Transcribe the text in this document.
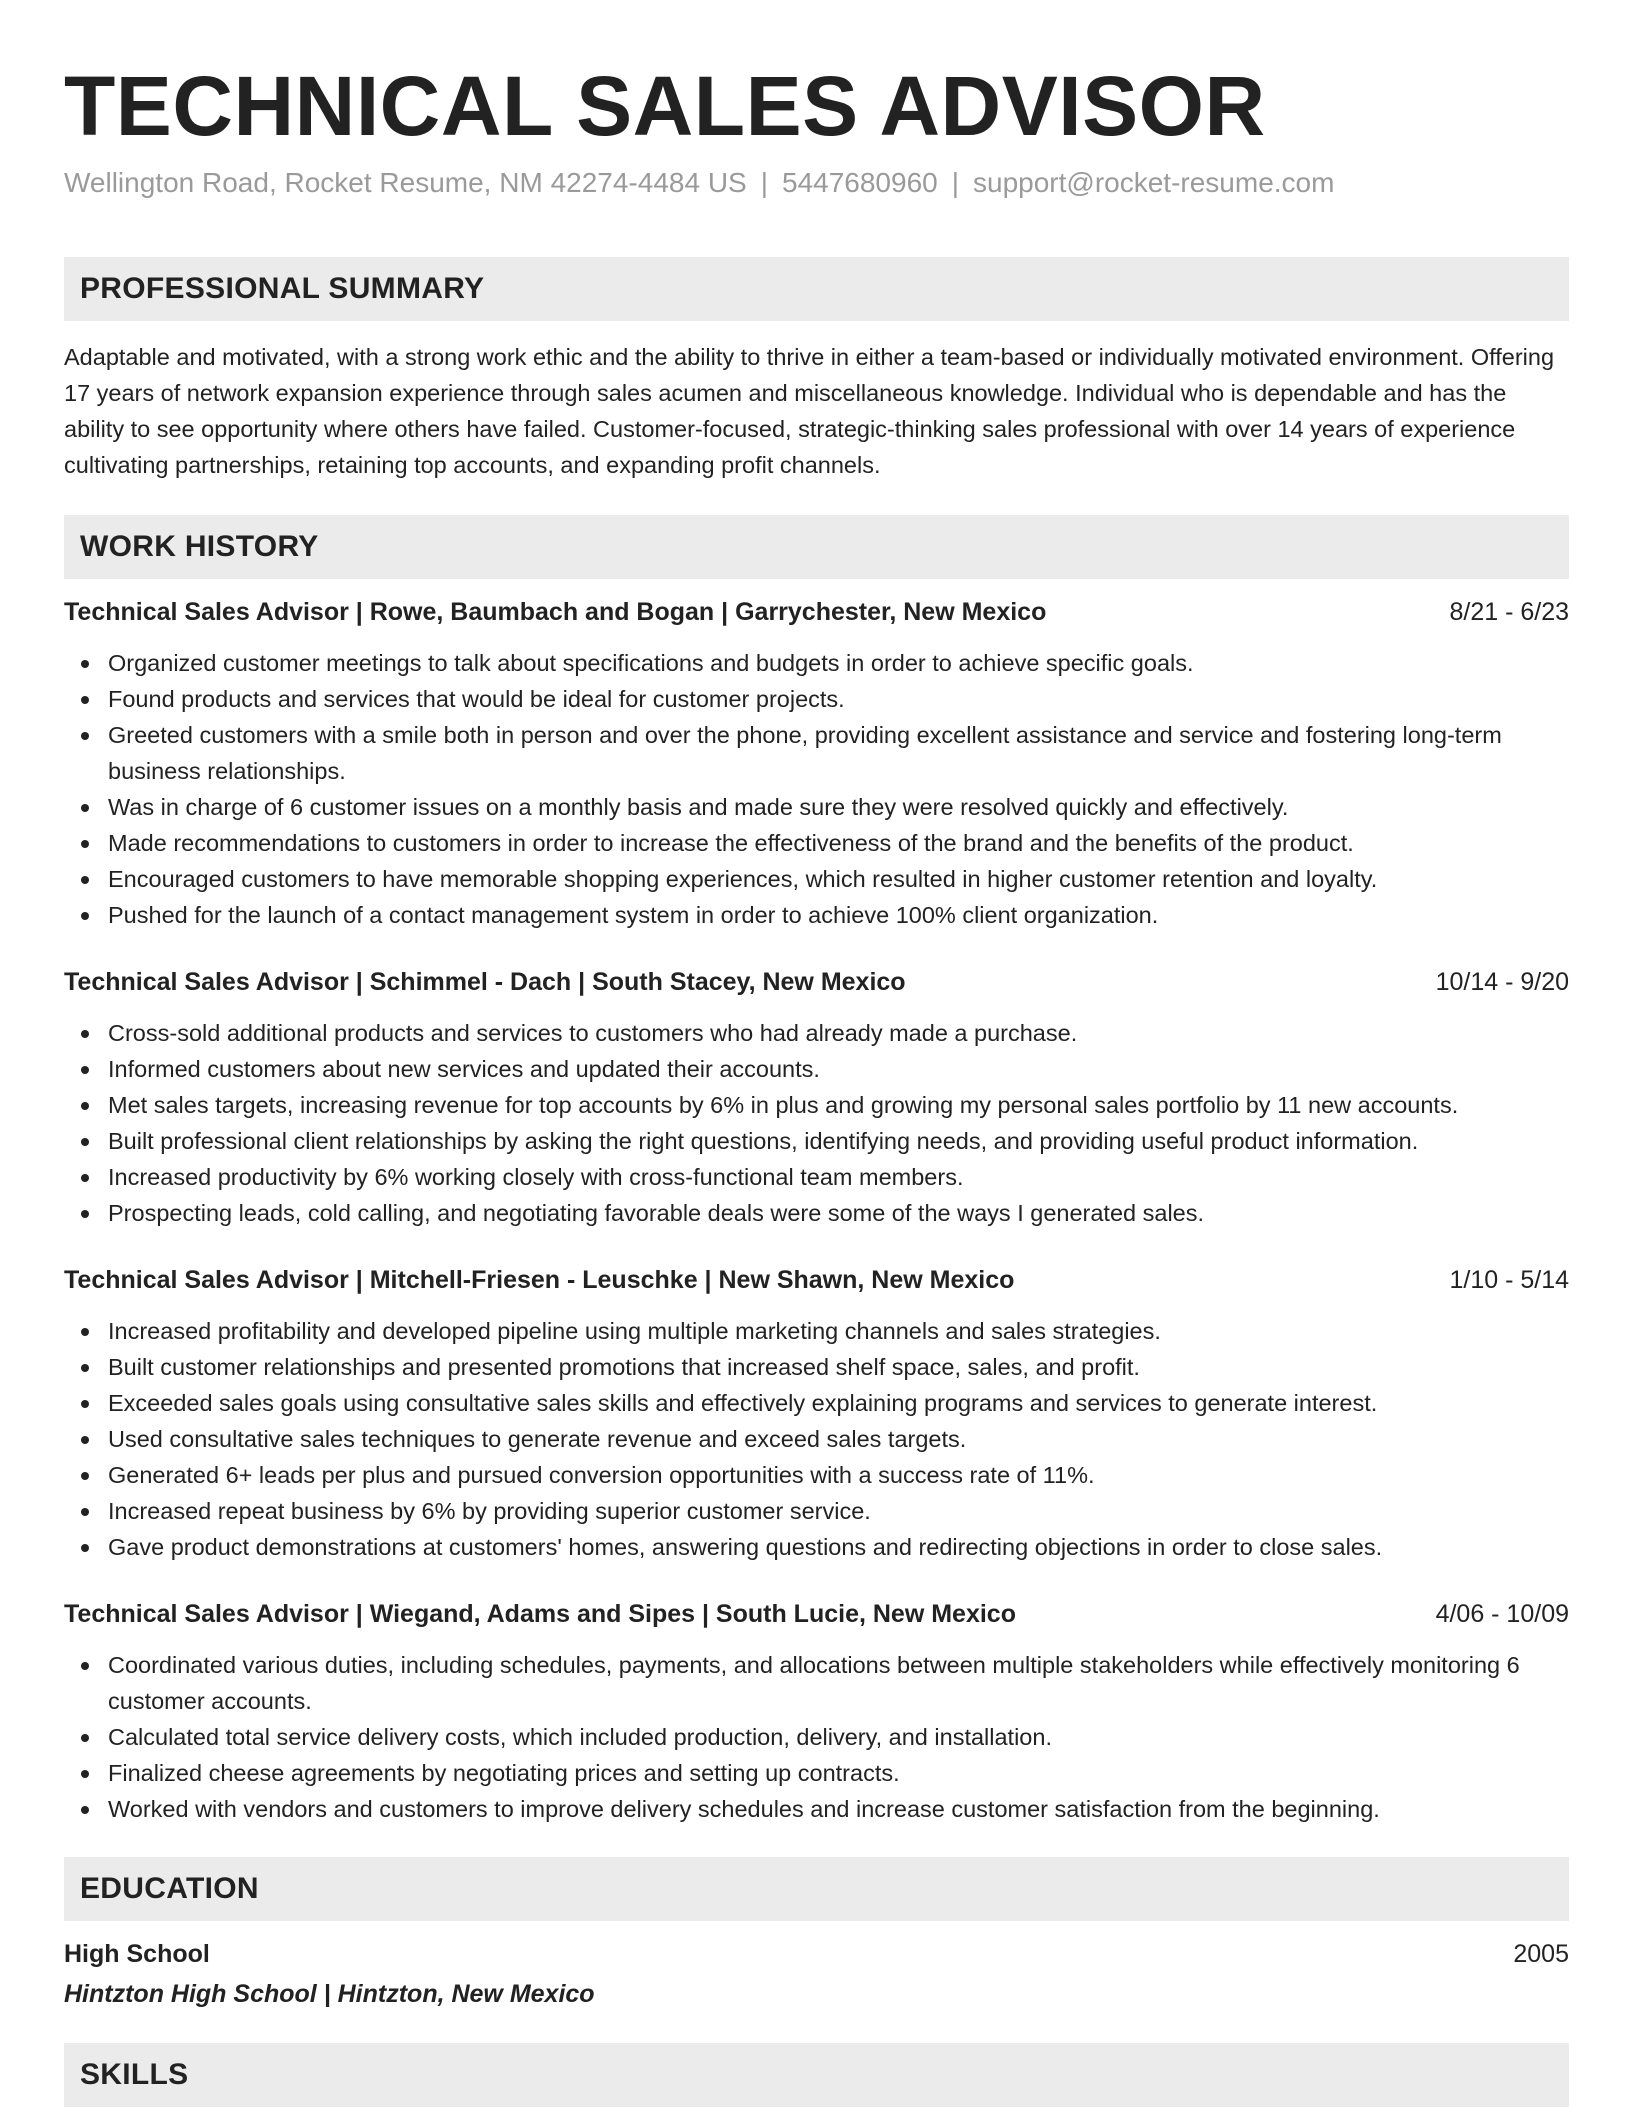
TECHNICAL SALES ADVISOR
Wellington Road, Rocket Resume, NM 42274-4484 US | 5447680960 | support@rocket-resume.com
PROFESSIONAL SUMMARY

Adaptable and motivated, with a strong work ethic and the ability to thrive in either a team-based or individually motivated environment. Offering 17 years of network expansion experience through sales acumen and miscellaneous knowledge. Individual who is dependable and has the ability to see opportunity where others have failed. Customer-focused, strategic-thinking sales professional with over 14 years of experience cultivating partnerships, retaining top accounts, and expanding profit channels.

WORK HISTORY
Technical Sales Advisor | Rowe, Baumbach and Bogan | Garrychester, New Mexico	8/21 - 6/23
Organized customer meetings to talk about specifications and budgets in order to achieve specific goals.
Found products and services that would be ideal for customer projects.
Greeted customers with a smile both in person and over the phone, providing excellent assistance and service and fostering long-term business relationships.
Was in charge of 6 customer issues on a monthly basis and made sure they were resolved quickly and effectively.
Made recommendations to customers in order to increase the effectiveness of the brand and the benefits of the product.
Encouraged customers to have memorable shopping experiences, which resulted in higher customer retention and loyalty.
Pushed for the launch of a contact management system in order to achieve 100% client organization.
Technical Sales Advisor | Schimmel - Dach | South Stacey, New Mexico	10/14 - 9/20
Cross-sold additional products and services to customers who had already made a purchase.
Informed customers about new services and updated their accounts.
Met sales targets, increasing revenue for top accounts by 6% in plus and growing my personal sales portfolio by 11 new accounts.
Built professional client relationships by asking the right questions, identifying needs, and providing useful product information.
Increased productivity by 6% working closely with cross-functional team members.
Prospecting leads, cold calling, and negotiating favorable deals were some of the ways I generated sales.
Technical Sales Advisor | Mitchell-Friesen - Leuschke | New Shawn, New Mexico	1/10 - 5/14
Increased profitability and developed pipeline using multiple marketing channels and sales strategies.
Built customer relationships and presented promotions that increased shelf space, sales, and profit.
Exceeded sales goals using consultative sales skills and effectively explaining programs and services to generate interest.
Used consultative sales techniques to generate revenue and exceed sales targets.
Generated 6+ leads per plus and pursued conversion opportunities with a success rate of 11%.
Increased repeat business by 6% by providing superior customer service.
Gave product demonstrations at customers' homes, answering questions and redirecting objections in order to close sales.
Technical Sales Advisor | Wiegand, Adams and Sipes | South Lucie, New Mexico	4/06 - 10/09
Coordinated various duties, including schedules, payments, and allocations between multiple stakeholders while effectively monitoring 6 customer accounts.
Calculated total service delivery costs, which included production, delivery, and installation.
Finalized cheese agreements by negotiating prices and setting up contracts.
Worked with vendors and customers to improve delivery schedules and increase customer satisfaction from the beginning.
EDUCATION
High School	2005
Hintzton High School | Hintzton, New Mexico
SKILLS
